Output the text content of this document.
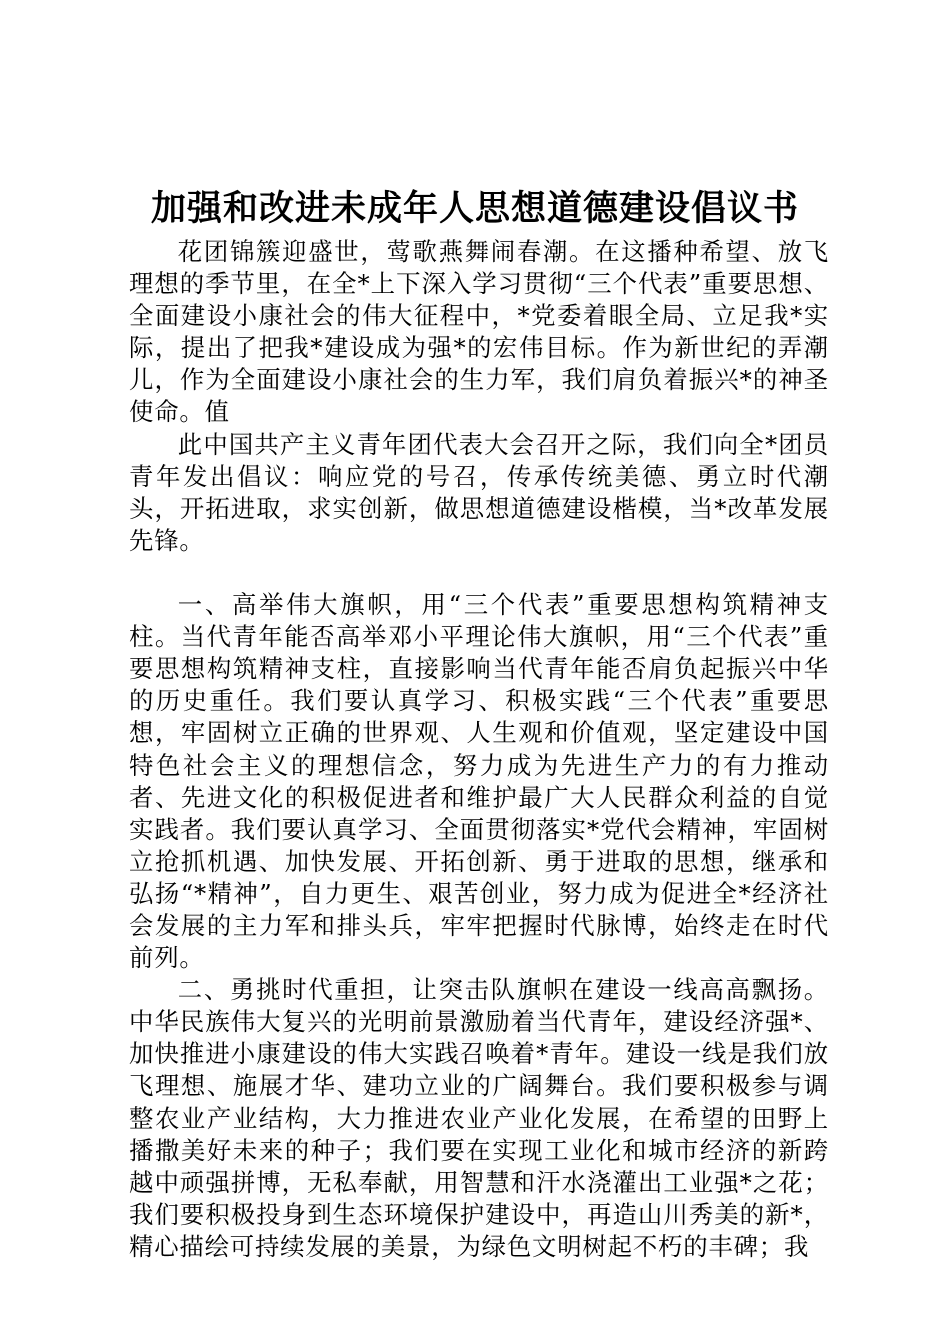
加强和改进未成年人思想道德建设倡议书

花团锦簇迎盛世，莺歌燕舞闹春潮。在这播种希望、放飞理想的季节里，在全*上下深入学习贯彻“三个代表”重要思想、全面建设小康社会的伟大征程中，*党委着眼全局、立足我*实际，提出了把我*建设成为强*的宏伟目标。作为新世纪的弄潮儿，作为全面建设小康社会的生力军，我们肩负着振兴*的神圣使命。值

此中国共产主义青年团代表大会召开之际，我们向全*团员青年发出倡议：响应党的号召，传承传统美德、勇立时代潮头，开拓进取，求实创新，做思想道德建设楷模，当*改革发展先锋。

一、高举伟大旗帜，用“三个代表”重要思想构筑精神支柱。当代青年能否高举邓小平理论伟大旗帜，用“三个代表”重要思想构筑精神支柱，直接影响当代青年能否肩负起振兴中华的历史重任。我们要认真学习、积极实践“三个代表”重要思想，牢固树立正确的世界观、人生观和价值观，坚定建设中国特色社会主义的理想信念，努力成为先进生产力的有力推动者、先进文化的积极促进者和维护最广大人民群众利益的自觉实践者。我们要认真学习、全面贯彻落实*党代会精神，牢固树立抢抓机遇、加快发展、开拓创新、勇于进取的思想，继承和弘扬“*精神”，自力更生、艰苦创业，努力成为促进全*经济社会发展的主力军和排头兵，牢牢把握时代脉博，始终走在时代前列。

二、勇挑时代重担，让突击队旗帜在建设一线高高飘扬。中华民族伟大复兴的光明前景激励着当代青年，建设经济强*、加快推进小康建设的伟大实践召唤着*青年。建设一线是我们放飞理想、施展才华、建功立业的广阔舞台。我们要积极参与调整农业产业结构，大力推进农业产业化发展，在希望的田野上播撒美好未来的种子；我们要在实现工业化和城市经济的新跨越中顽强拼博，无私奉献，用智慧和汗水浇灌出工业强*之花；我们要积极投身到生态环境保护建设中，再造山川秀美的新*，精心描绘可持续发展的美景，为绿色文明树起不朽的丰碑；我
